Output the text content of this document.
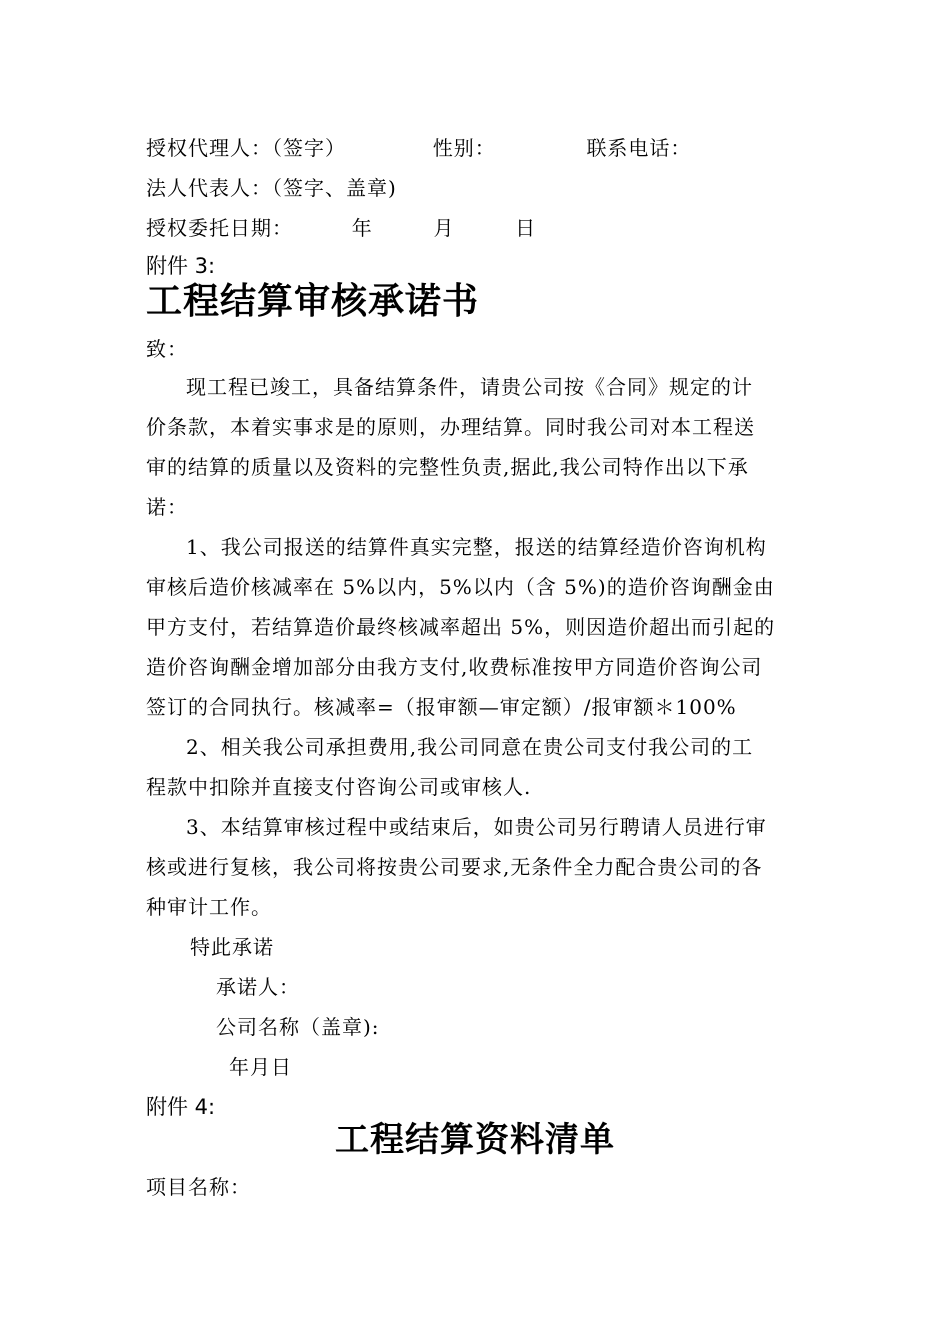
授权代理人：（签字）	性别：	联系电话：
法人代表人：（签字、盖章)
授权委托日期：	年	月	日
附件 3:
工程结算审核承诺书
致：
现工程已竣工，具备结算条件，请贵公司按《合同》规定的计
价条款，本着实事求是的原则，办理结算。同时我公司对本工程送
审的结算的质量以及资料的完整性负责,据此,我公司特作出以下承
诺：
1、我公司报送的结算件真实完整，报送的结算经造价咨询机构
审核后造价核减率在 5%以内，5%以内（含 5%)的造价咨询酬金由
甲方支付，若结算造价最终核减率超出 5%，则因造价超出而引起的
造价咨询酬金增加部分由我方支付,收费标准按甲方同造价咨询公司
签订的合同执行。核减率=（报审额—审定额）/报审额＊100%
2、相关我公司承担费用,我公司同意在贵公司支付我公司的工
程款中扣除并直接支付咨询公司或审核人.
3、本结算审核过程中或结束后，如贵公司另行聘请人员进行审
核或进行复核，我公司将按贵公司要求,无条件全力配合贵公司的各
种审计工作。
特此承诺
承诺人：
公司名称（盖章):
年月日
附件 4:
工程结算资料清单
项目名称：
